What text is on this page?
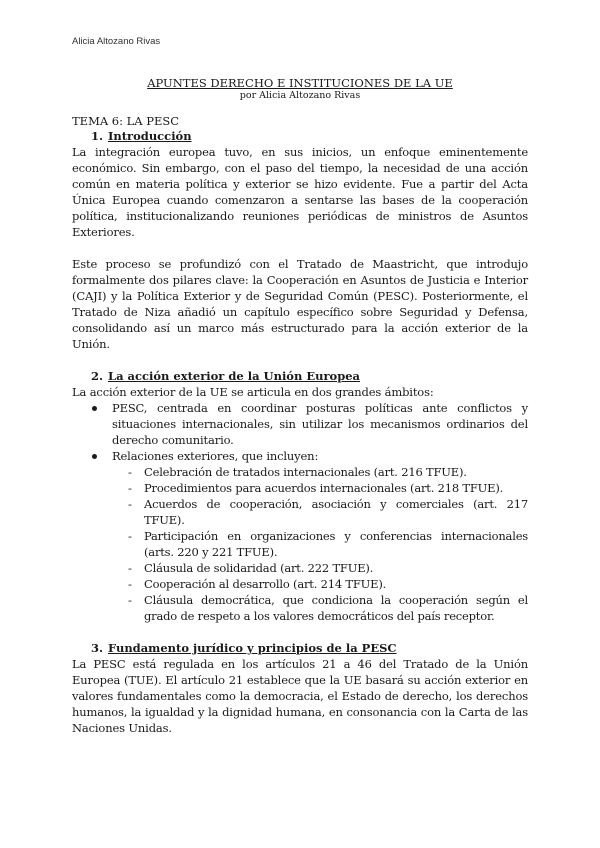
Alicia Altozano Rivas
APUNTES DERECHO E INSTITUCIONES DE LA UE
por Alicia Altozano Rivas
TEMA 6: LA PESC
1. Introducción

La integración europea tuvo, en sus inicios, un enfoque eminentemente económico. Sin embargo, con el paso del tiempo, la necesidad de una acción común en materia política y exterior se hizo evidente. Fue a partir del Acta Única Europea cuando comenzaron a sentarse las bases de la cooperación política, institucionalizando reuniones periódicas de ministros de Asuntos Exteriores.

Este proceso se profundizó con el Tratado de Maastricht, que introdujo formalmente dos pilares clave: la Cooperación en Asuntos de Justicia e Interior (CAJI) y la Política Exterior y de Seguridad Común (PESC). Posteriormente, el Tratado de Niza añadió un capítulo específico sobre Seguridad y Defensa, consolidando así un marco más estructurado para la acción exterior de la Unión.

2. La acción exterior de la Unión Europea

La acción exterior de la UE se articula en dos grandes ámbitos:

PESC, centrada en coordinar posturas políticas ante conflictos y situaciones internacionales, sin utilizar los mecanismos ordinarios del derecho comunitario.
Relaciones exteriores, que incluyen:
- Celebración de tratados internacionales (art. 216 TFUE).
- Procedimientos para acuerdos internacionales (art. 218 TFUE).
- Acuerdos de cooperación, asociación y comerciales (art. 217 TFUE).
- Participación en organizaciones y conferencias internacionales (arts. 220 y 221 TFUE).
- Cláusula de solidaridad (art. 222 TFUE).
- Cooperación al desarrollo (art. 214 TFUE).
- Cláusula democrática, que condiciona la cooperación según el grado de respeto a los valores democráticos del país receptor.
3. Fundamento jurídico y principios de la PESC

La PESC está regulada en los artículos 21 a 46 del Tratado de la Unión Europea (TUE). El artículo 21 establece que la UE basará su acción exterior en valores fundamentales como la democracia, el Estado de derecho, los derechos humanos, la igualdad y la dignidad humana, en consonancia con la Carta de las Naciones Unidas.
